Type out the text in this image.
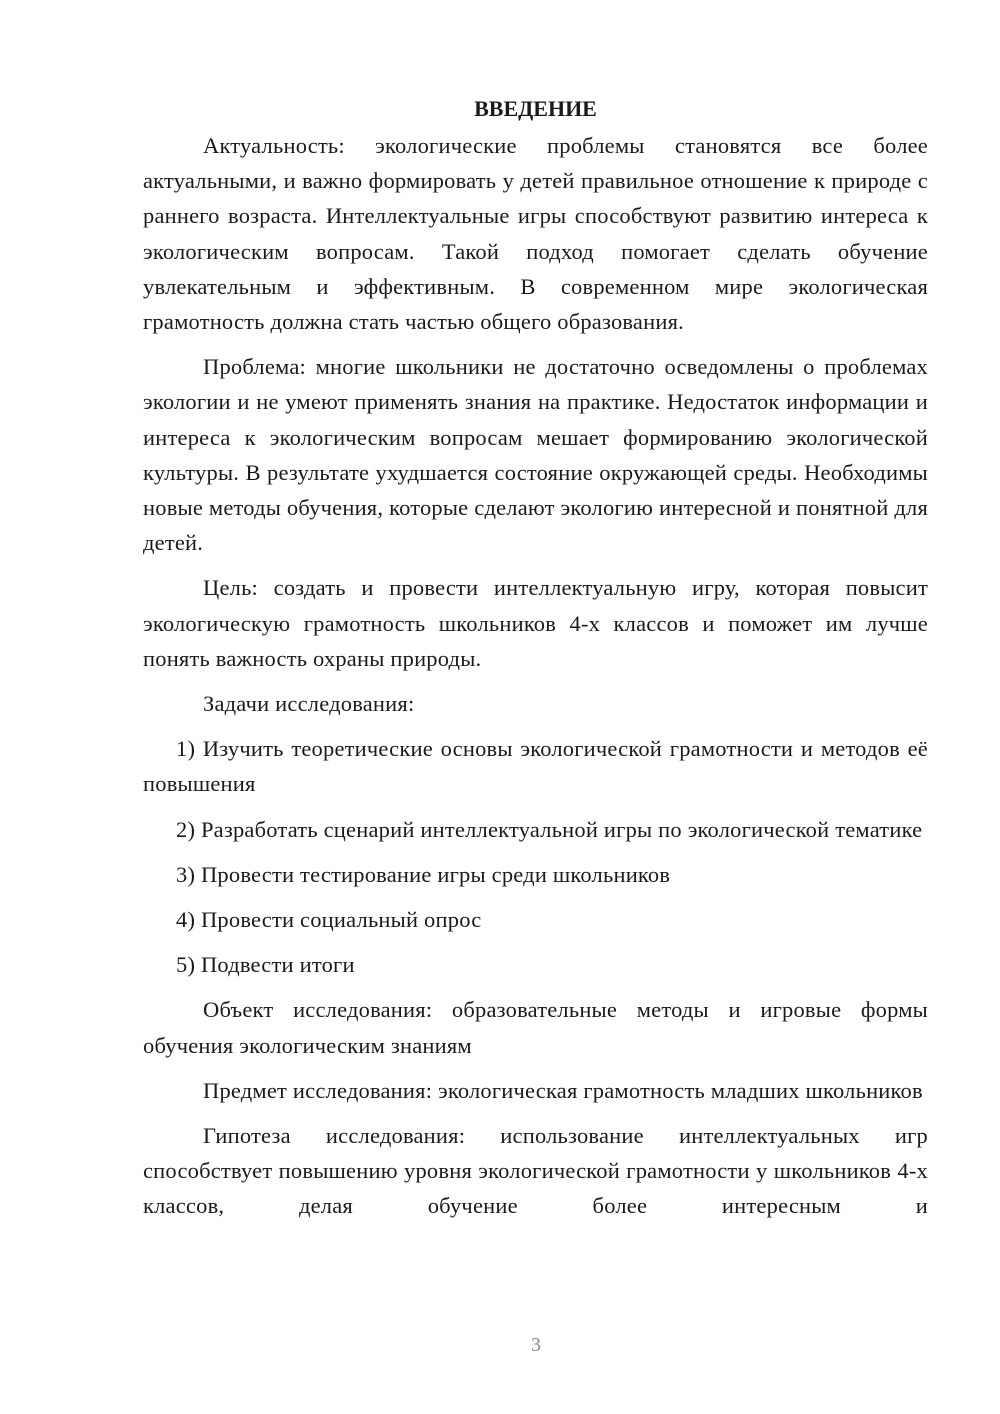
ВВЕДЕНИЕ

Актуальность: экологические проблемы становятся все более актуальными, и важно формировать у детей правильное отношение к природе с раннего возраста. Интеллектуальные игры способствуют развитию интереса к экологическим вопросам. Такой подход помогает сделать обучение увлекательным и эффективным. В современном мире экологическая грамотность должна стать частью общего образования.

Проблема: многие школьники не достаточно осведомлены о проблемах экологии и не умеют применять знания на практике. Недостаток информации и интереса к экологическим вопросам мешает формированию экологической культуры. В результате ухудшается состояние окружающей среды. Необходимы новые методы обучения, которые сделают экологию интересной и понятной для детей.

Цель: создать и провести интеллектуальную игру, которая повысит экологическую грамотность школьников 4-х классов и поможет им лучше понять важность охраны природы.

Задачи исследования:

1) Изучить теоретические основы экологической грамотности и методов её повышения

2) Разработать сценарий интеллектуальной игры по экологической тематике

3) Провести тестирование игры среди школьников

4) Провести социальный опрос

5) Подвести итоги

Объект исследования: образовательные методы и игровые формы обучения экологическим знаниям

Предмет исследования: экологическая грамотность младших школьников

Гипотеза исследования: использование интеллектуальных игр способствует повышению уровня экологической грамотности у школьников 4-х классов, делая обучение более интересным и

3
